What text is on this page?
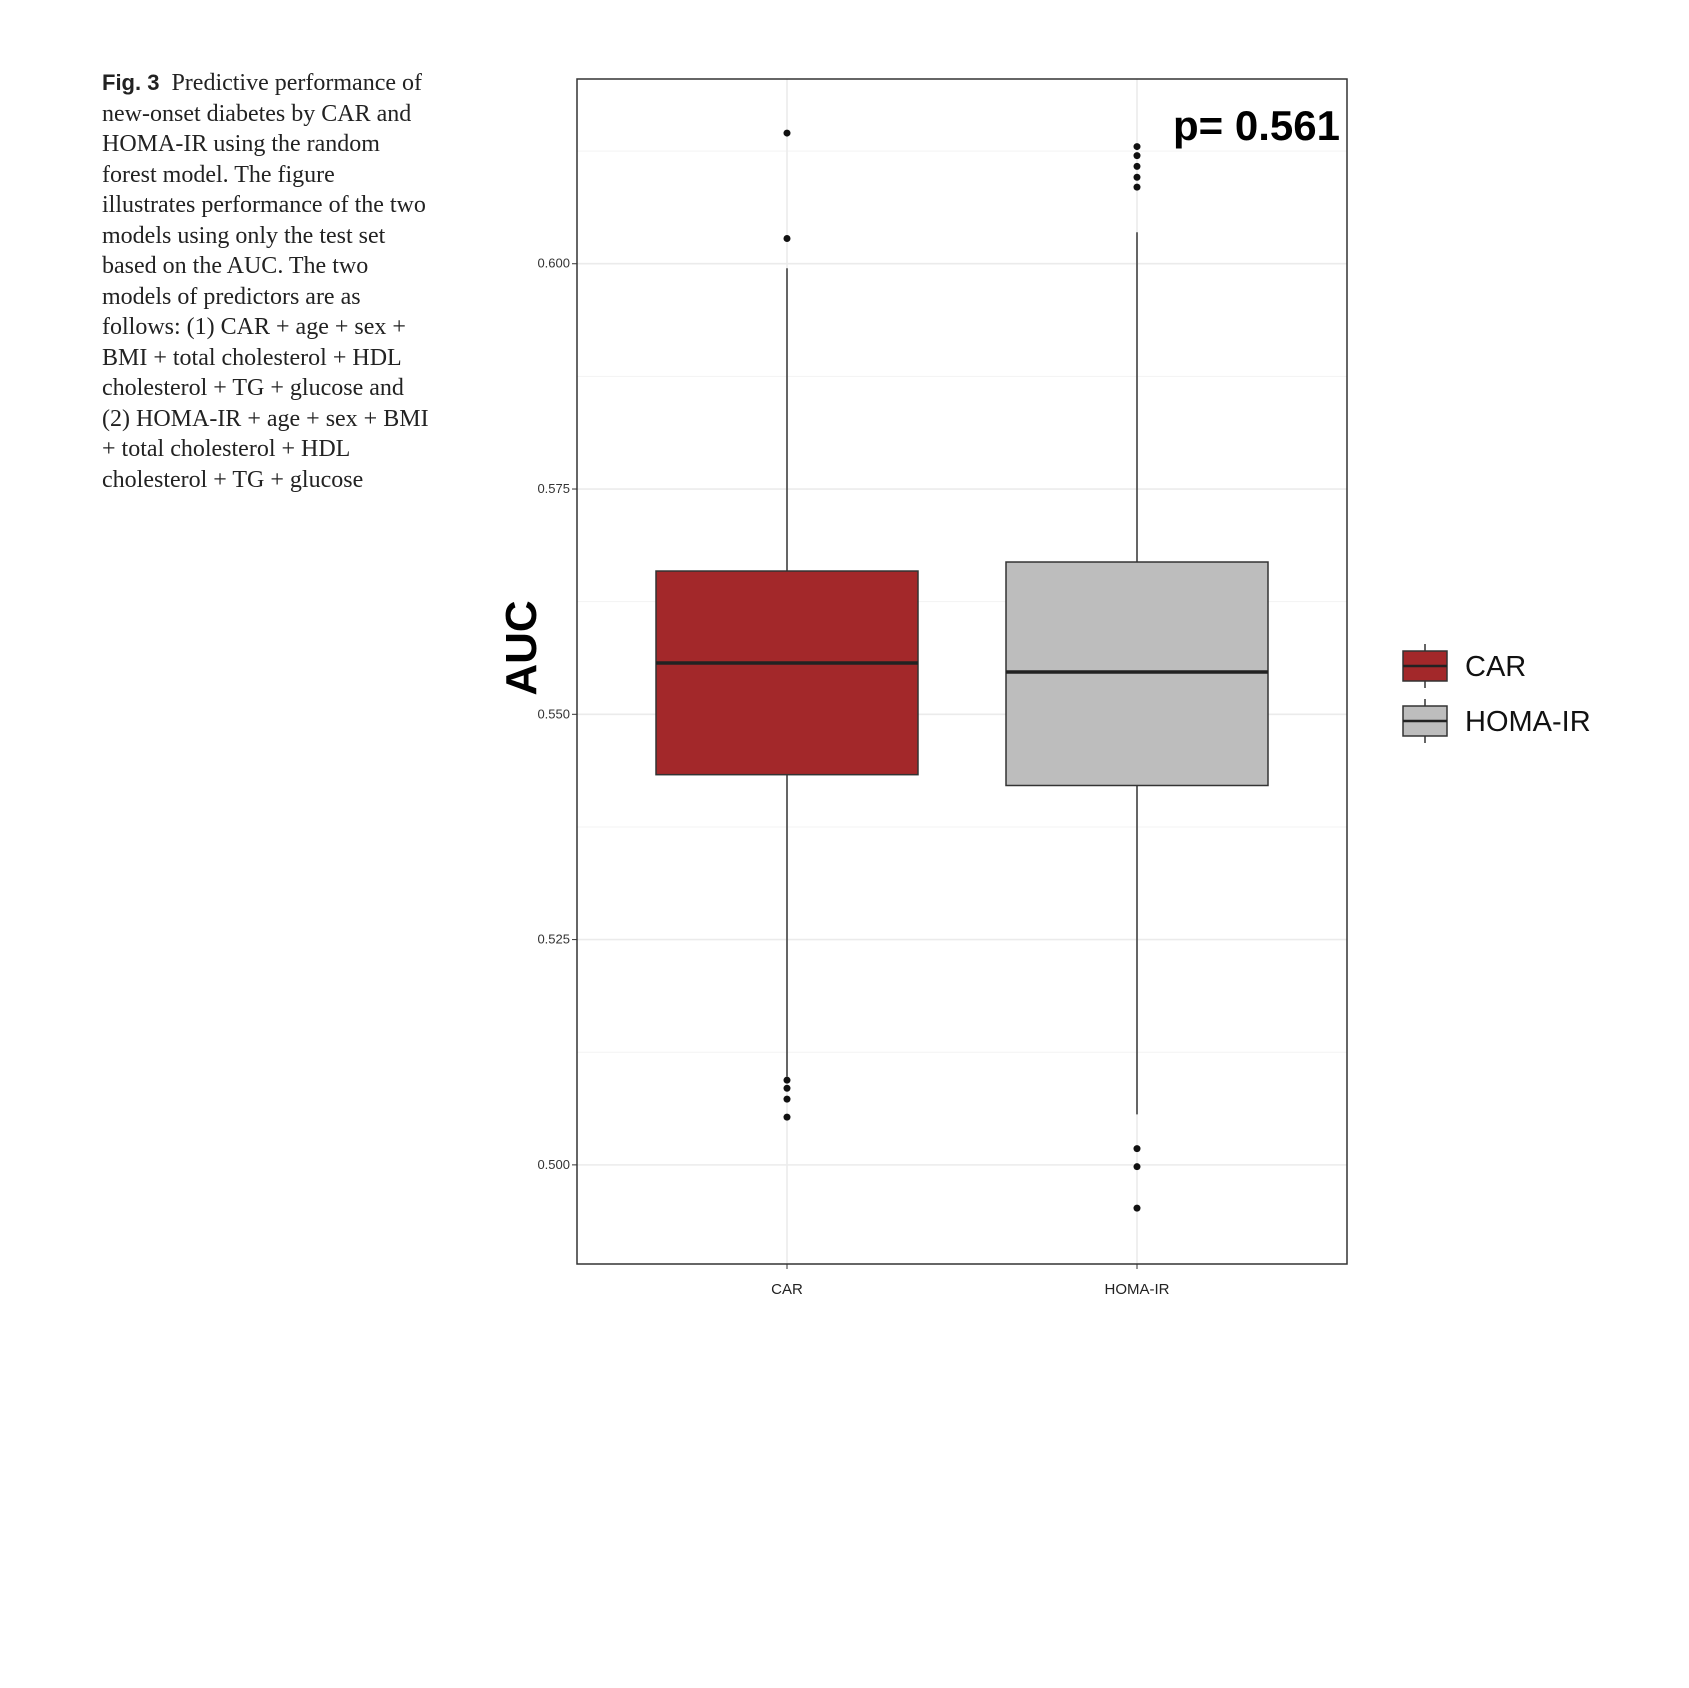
Fig. 3 Predictive performance of new-onset diabetes by CAR and HOMA-IR using the random forest model. The figure illustrates performance of the two models using only the test set based on the AUC. The two models of predictors are as follows: (1) CAR + age + sex + BMI + total cholesterol + HDL cholesterol + TG + glucose and (2) HOMA-IR + age + sex + BMI + total cholesterol + HDL cholesterol + TG + glucose
0.500
0.525
0.550
0.575
0.600
CAR	HOMA-IR
AUC
p= 0.561
CAR
HOMA-IR
